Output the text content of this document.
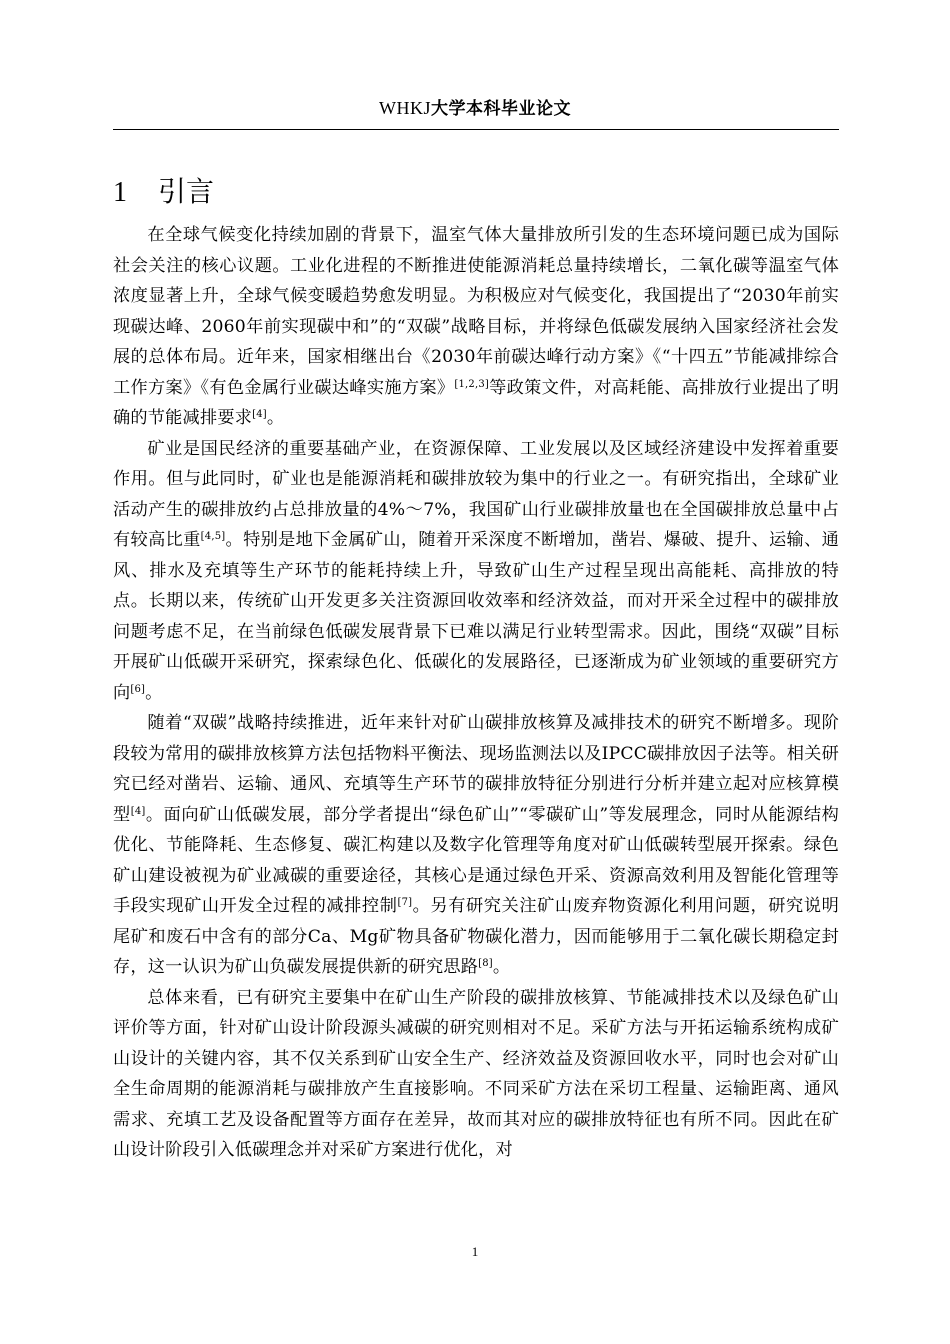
WHKJ大学本科毕业论文
1 引言

在全球气候变化持续加剧的背景下，温室气体大量排放所引发的生态环境问题已成为国际社会关注的核心议题。工业化进程的不断推进使能源消耗总量持续增长，二氧化碳等温室气体浓度显著上升，全球气候变暖趋势愈发明显。为积极应对气候变化，我国提出了“2030年前实现碳达峰、2060年前实现碳中和”的“双碳”战略目标，并将绿色低碳发展纳入国家经济社会发展的总体布局。近年来，国家相继出台《2030年前碳达峰行动方案》《“十四五”节能减排综合工作方案》《有色金属行业碳达峰实施方案》[1,2,3]等政策文件，对高耗能、高排放行业提出了明确的节能减排要求[4]。

矿业是国民经济的重要基础产业，在资源保障、工业发展以及区域经济建设中发挥着重要作用。但与此同时，矿业也是能源消耗和碳排放较为集中的行业之一。有研究指出，全球矿业活动产生的碳排放约占总排放量的4%～7%，我国矿山行业碳排放量也在全国碳排放总量中占有较高比重[4,5]。特别是地下金属矿山，随着开采深度不断增加，凿岩、爆破、提升、运输、通风、排水及充填等生产环节的能耗持续上升，导致矿山生产过程呈现出高能耗、高排放的特点。长期以来，传统矿山开发更多关注资源回收效率和经济效益，而对开采全过程中的碳排放问题考虑不足，在当前绿色低碳发展背景下已难以满足行业转型需求。因此，围绕“双碳”目标开展矿山低碳开采研究，探索绿色化、低碳化的发展路径，已逐渐成为矿业领域的重要研究方向[6]。

随着“双碳”战略持续推进，近年来针对矿山碳排放核算及减排技术的研究不断增多。现阶段较为常用的碳排放核算方法包括物料平衡法、现场监测法以及IPCC碳排放因子法等。相关研究已经对凿岩、运输、通风、充填等生产环节的碳排放特征分别进行分析并建立起对应核算模型[4]。面向矿山低碳发展，部分学者提出“绿色矿山”“零碳矿山”等发展理念，同时从能源结构优化、节能降耗、生态修复、碳汇构建以及数字化管理等角度对矿山低碳转型展开探索。绿色矿山建设被视为矿业减碳的重要途径，其核心是通过绿色开采、资源高效利用及智能化管理等手段实现矿山开发全过程的减排控制[7]。另有研究关注矿山废弃物资源化利用问题，研究说明尾矿和废石中含有的部分Ca、Mg矿物具备矿物碳化潜力，因而能够用于二氧化碳长期稳定封存，这一认识为矿山负碳发展提供新的研究思路[8]。

总体来看，已有研究主要集中在矿山生产阶段的碳排放核算、节能减排技术以及绿色矿山评价等方面，针对矿山设计阶段源头减碳的研究则相对不足。采矿方法与开拓运输系统构成矿山设计的关键内容，其不仅关系到矿山安全生产、经济效益及资源回收水平，同时也会对矿山全生命周期的能源消耗与碳排放产生直接影响。不同采矿方法在采切工程量、运输距离、通风需求、充填工艺及设备配置等方面存在差异，故而其对应的碳排放特征也有所不同。因此在矿山设计阶段引入低碳理念并对采矿方案进行优化，对

1
